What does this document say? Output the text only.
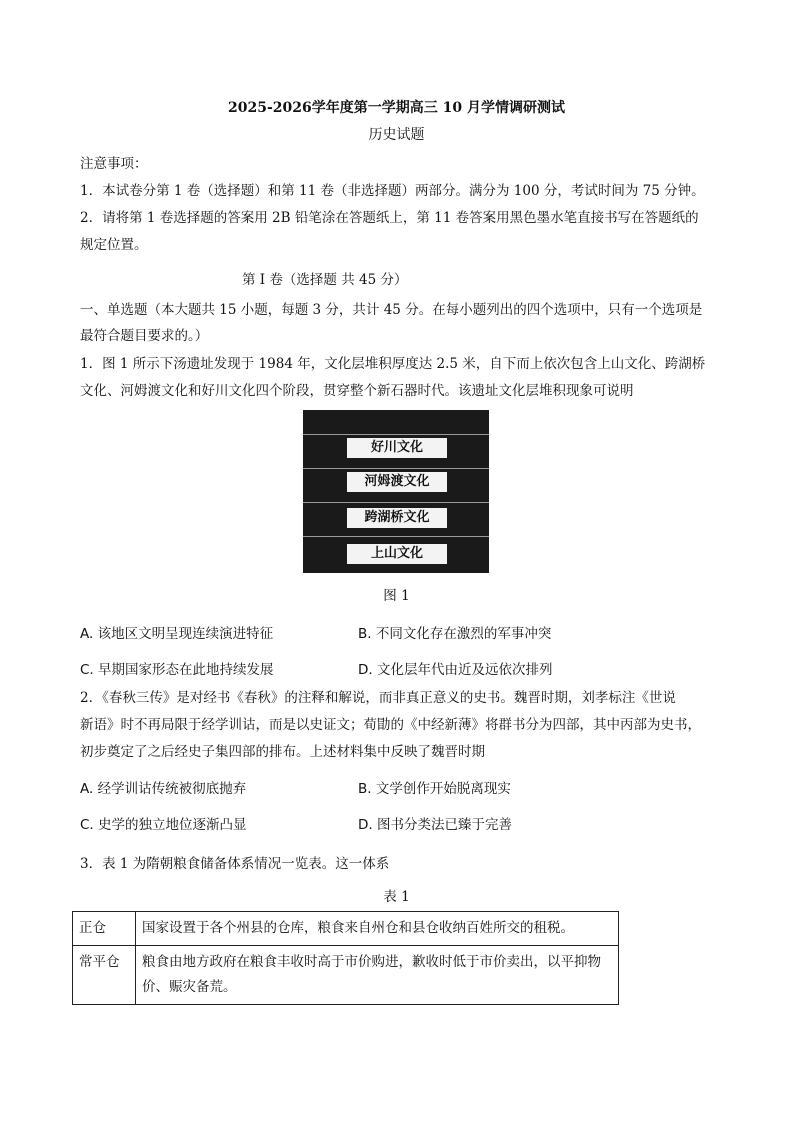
2025-2026学年度第一学期高三 10 月学情调研测试
历史试题
注意事项：
1．本试卷分第 1 卷（选择题）和第 11 卷（非选择题）两部分。满分为 100 分，考试时间为 75 分钟。
2．请将第 1 卷选择题的答案用 2B 铅笔涂在答题纸上，第 11 卷答案用黑色墨水笔直接书写在答题纸的
规定位置。
第 I 卷（选择题 共 45 分）
一、单选题（本大题共 15 小题，每题 3 分，共计 45 分。在每小题列出的四个选项中，只有一个选项是
最符合题目要求的。）
1．图 1 所示下汤遗址发现于 1984 年，文化层堆积厚度达 2.5 米，自下而上依次包含上山文化、跨湖桥
文化、河姆渡文化和好川文化四个阶段，贯穿整个新石器时代。该遗址文化层堆积现象可说明
好川文化
河姆渡文化
跨湖桥文化
上山文化
图 1
A. 该地区文明呈现连续演进特征	B. 不同文化存在激烈的军事冲突
C. 早期国家形态在此地持续发展	D. 文化层年代由近及远依次排列
2．《春秋三传》是对经书《春秋》的注释和解说，而非真正意义的史书。魏晋时期，刘孝标注《世说
新语》时不再局限于经学训诂，而是以史证文；荀勖的《中经新薄》将群书分为四部，其中丙部为史书，
初步奠定了之后经史子集四部的排布。上述材料集中反映了魏晋时期
A. 经学训诂传统被彻底抛弃	B. 文学创作开始脱离现实
C. 史学的独立地位逐渐凸显	D. 图书分类法已臻于完善
3．表 1 为隋朝粮食储备体系情况一览表。这一体系
表 1
正仓	国家设置于各个州县的仓库，粮食来自州仓和县仓收纳百姓所交的租税。
常平仓	粮食由地方政府在粮食丰收时高于市价购进，歉收时低于市价卖出，以平抑物价、赈灾备荒。
